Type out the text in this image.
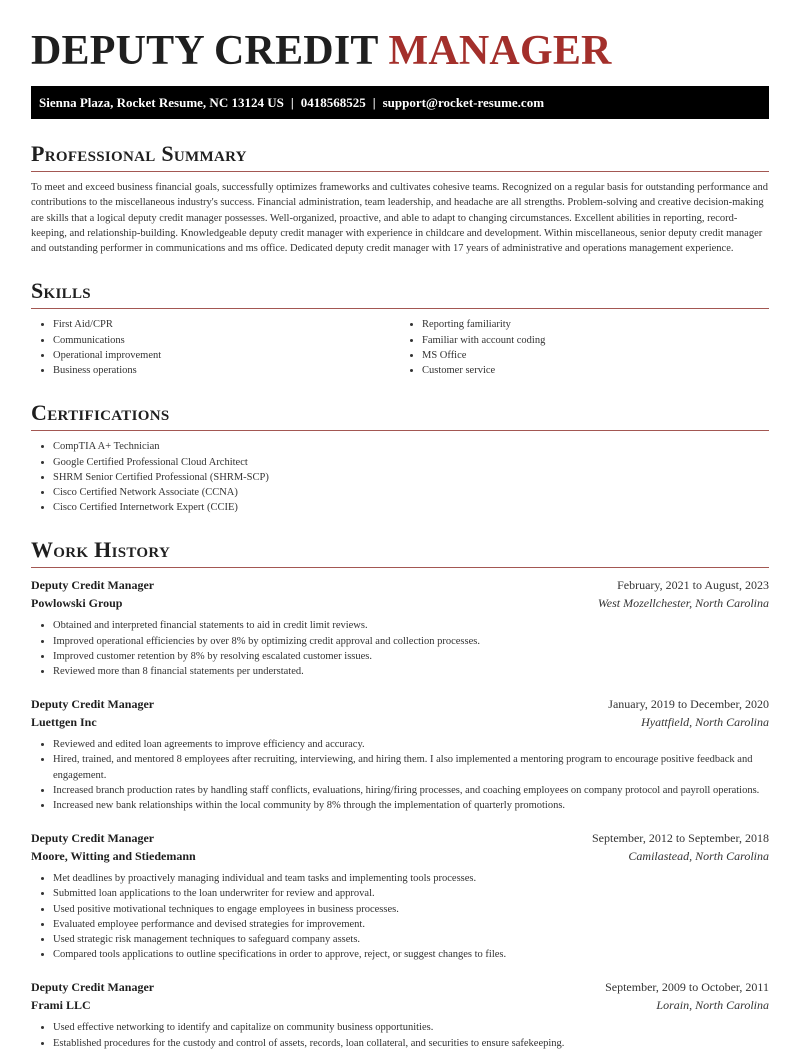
DEPUTY CREDIT MANAGER
Sienna Plaza, Rocket Resume, NC 13124 US | 0418568525 | support@rocket-resume.com
Professional Summary

To meet and exceed business financial goals, successfully optimizes frameworks and cultivates cohesive teams. Recognized on a regular basis for outstanding performance and contributions to the miscellaneous industry's success. Financial administration, team leadership, and headache are all strengths. Problem-solving and creative decision-making are skills that a logical deputy credit manager possesses. Well-organized, proactive, and able to adapt to changing circumstances. Excellent abilities in reporting, record-keeping, and relationship-building. Knowledgeable deputy credit manager with experience in childcare and development. Within miscellaneous, senior deputy credit manager and outstanding performer in communications and ms office. Dedicated deputy credit manager with 17 years of administrative and operations management experience.

Skills
• First Aid/CPR
• Communications
• Operational improvement
• Business operations
• Reporting familiarity
• Familiar with account coding
• MS Office
• Customer service
Certifications
• CompTIA A+ Technician
• Google Certified Professional Cloud Architect
• SHRM Senior Certified Professional (SHRM-SCP)
• Cisco Certified Network Associate (CCNA)
• Cisco Certified Internetwork Expert (CCIE)
Work History
Deputy Credit Manager	February, 2021 to August, 2023
Powlowski Group	West Mozellchester, North Carolina
• Obtained and interpreted financial statements to aid in credit limit reviews.
• Improved operational efficiencies by over 8% by optimizing credit approval and collection processes.
• Improved customer retention by 8% by resolving escalated customer issues.
• Reviewed more than 8 financial statements per understated.
Deputy Credit Manager	January, 2019 to December, 2020
Luettgen Inc	Hyattfield, North Carolina
• Reviewed and edited loan agreements to improve efficiency and accuracy.
• Hired, trained, and mentored 8 employees after recruiting, interviewing, and hiring them. I also implemented a mentoring program to encourage positive feedback and engagement.
• Increased branch production rates by handling staff conflicts, evaluations, hiring/firing processes, and coaching employees on company protocol and payroll operations.
• Increased new bank relationships within the local community by 8% through the implementation of quarterly promotions.
Deputy Credit Manager	September, 2012 to September, 2018
Moore, Witting and Stiedemann	Camilastead, North Carolina
• Met deadlines by proactively managing individual and team tasks and implementing tools processes.
• Submitted loan applications to the loan underwriter for review and approval.
• Used positive motivational techniques to engage employees in business processes.
• Evaluated employee performance and devised strategies for improvement.
• Used strategic risk management techniques to safeguard company assets.
• Compared tools applications to outline specifications in order to approve, reject, or suggest changes to files.
Deputy Credit Manager	September, 2009 to October, 2011
Frami LLC	Lorain, North Carolina
• Used effective networking to identify and capitalize on community business opportunities.
• Established procedures for the custody and control of assets, records, loan collateral, and securities to ensure safekeeping.
